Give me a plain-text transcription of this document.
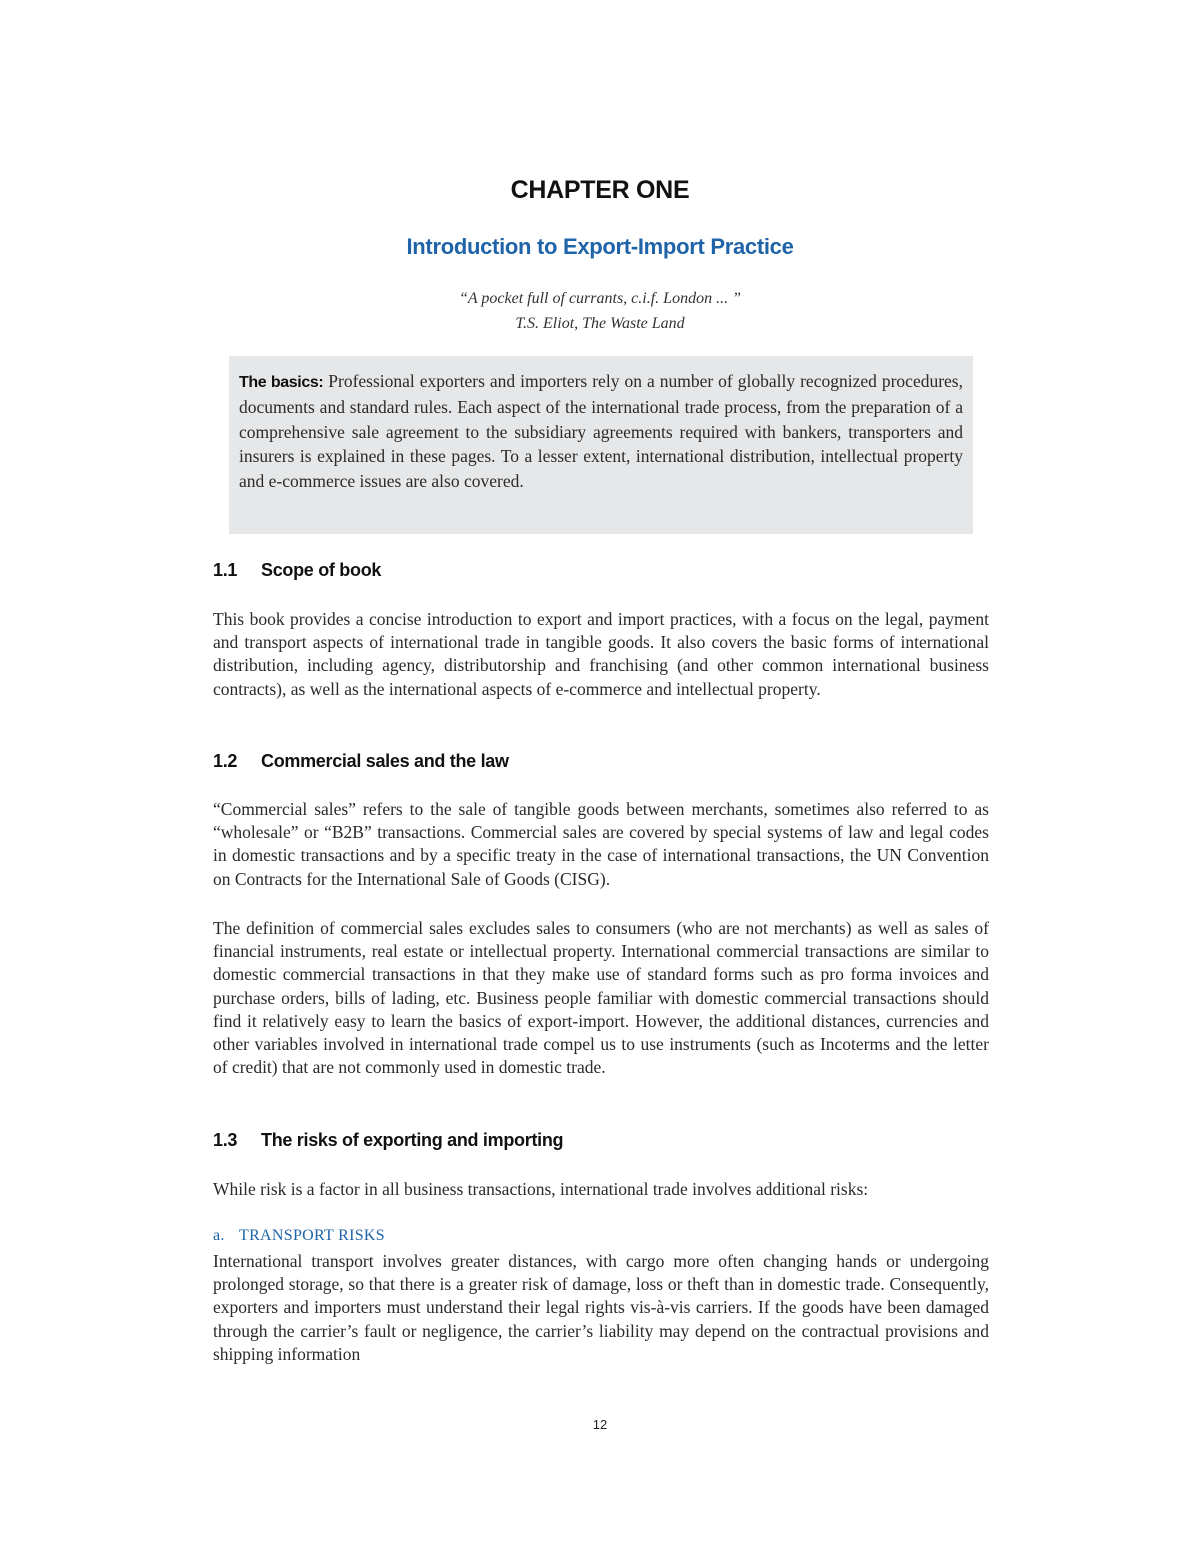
CHAPTER ONE
Introduction to Export-Import Practice
“A pocket full of currants, c.i.f. London ... ”
T.S. Eliot, The Waste Land

The basics: Professional exporters and importers rely on a number of globally recognized procedures, documents and standard rules. Each aspect of the international trade process, from the preparation of a comprehensive sale agreement to the subsidiary agreements required with bankers, transporters and insurers is explained in these pages. To a lesser extent, international distribution, intellectual property and e-commerce issues are also covered.

1.1 Scope of book

This book provides a concise introduction to export and import practices, with a focus on the legal, payment and transport aspects of international trade in tangible goods. It also covers the basic forms of international distribution, including agency, distributorship and franchising (and other common international business contracts), as well as the international aspects of e-commerce and intellectual property.

1.2 Commercial sales and the law

“Commercial sales” refers to the sale of tangible goods between merchants, sometimes also referred to as “wholesale” or “B2B” transactions. Commercial sales are covered by special systems of law and legal codes in domestic transactions and by a specific treaty in the case of international transactions, the UN Convention on Contracts for the International Sale of Goods (CISG).

The definition of commercial sales excludes sales to consumers (who are not merchants) as well as sales of financial instruments, real estate or intellectual property. International commercial transactions are similar to domestic commercial transactions in that they make use of standard forms such as pro forma invoices and purchase orders, bills of lading, etc. Business people familiar with domestic commercial transactions should find it relatively easy to learn the basics of export-import. However, the additional distances, currencies and other variables involved in international trade compel us to use instruments (such as Incoterms and the letter of credit) that are not commonly used in domestic trade.

1.3 The risks of exporting and importing

While risk is a factor in all business transactions, international trade involves additional risks:

a. TRANSPORT RISKS

International transport involves greater distances, with cargo more often changing hands or undergoing prolonged storage, so that there is a greater risk of damage, loss or theft than in domestic trade. Consequently, exporters and importers must understand their legal rights vis-à-vis carriers. If the goods have been damaged through the carrier’s fault or negligence, the carrier’s liability may depend on the contractual provisions and shipping information

12
